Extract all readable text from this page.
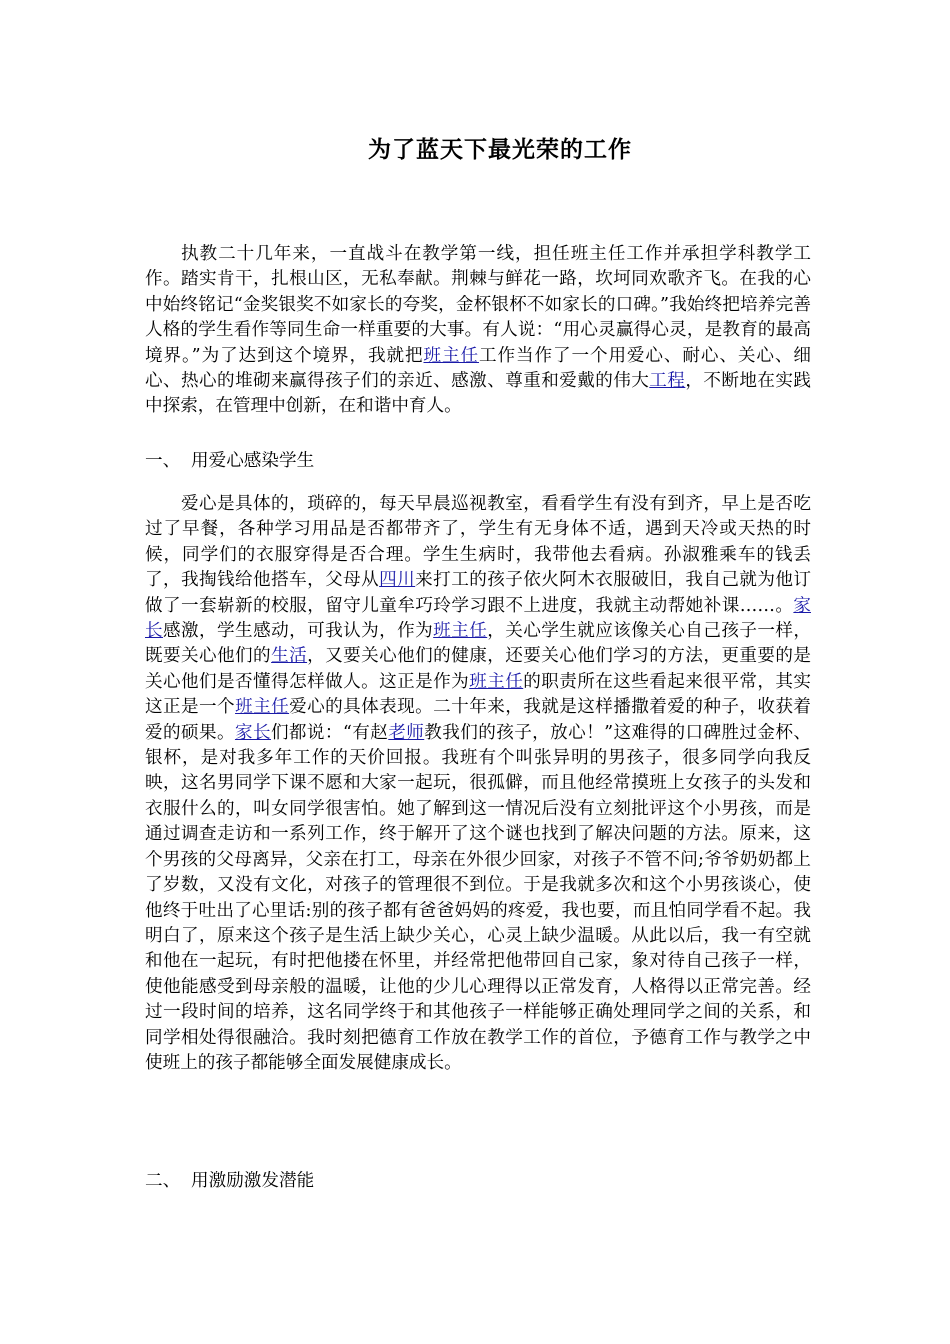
为了蓝天下最光荣的工作

执教二十几年来，一直战斗在教学第一线，担任班主任工作并承担学科教学工作。踏实肯干，扎根山区，无私奉献。荆棘与鲜花一路，坎坷同欢歌齐飞。在我的心中始终铭记“金奖银奖不如家长的夸奖，金杯银杯不如家长的口碑。”我始终把培养完善人格的学生看作等同生命一样重要的大事。有人说：“用心灵赢得心灵，是教育的最高境界。”为了达到这个境界，我就把班主任工作当作了一个用爱心、耐心、关心、细心、热心的堆砌来赢得孩子们的亲近、感激、尊重和爱戴的伟大工程，不断地在实践中探索，在管理中创新，在和谐中育人。

一、 用爱心感染学生

爱心是具体的，琐碎的，每天早晨巡视教室，看看学生有没有到齐，早上是否吃过了早餐，各种学习用品是否都带齐了，学生有无身体不适，遇到天冷或天热的时候，同学们的衣服穿得是否合理。学生生病时，我带他去看病。孙淑雅乘车的钱丢了，我掏钱给他搭车，父母从四川来打工的孩子依火阿木衣服破旧，我自己就为他订做了一套崭新的校服，留守儿童牟巧玲学习跟不上进度，我就主动帮她补课……。家长感激，学生感动，可我认为，作为班主任，关心学生就应该像关心自己孩子一样，既要关心他们的生活，又要关心他们的健康，还要关心他们学习的方法，更重要的是关心他们是否懂得怎样做人。这正是作为班主任的职责所在这些看起来很平常，其实这正是一个班主任爱心的具体表现。二十年来，我就是这样播撒着爱的种子，收获着爱的硕果。家长们都说：“有赵老师教我们的孩子，放心！”这难得的口碑胜过金杯、银杯，是对我多年工作的天价回报。我班有个叫张异明的男孩子，很多同学向我反映，这名男同学下课不愿和大家一起玩，很孤僻，而且他经常摸班上女孩子的头发和衣服什么的，叫女同学很害怕。她了解到这一情况后没有立刻批评这个小男孩，而是通过调查走访和一系列工作，终于解开了这个谜也找到了解决问题的方法。原来，这个男孩的父母离异，父亲在打工，母亲在外很少回家，对孩子不管不问;爷爷奶奶都上了岁数，又没有文化，对孩子的管理很不到位。于是我就多次和这个小男孩谈心，使他终于吐出了心里话:别的孩子都有爸爸妈妈的疼爱，我也要，而且怕同学看不起。我明白了，原来这个孩子是生活上缺少关心，心灵上缺少温暖。从此以后，我一有空就和他在一起玩，有时把他搂在怀里，并经常把他带回自己家，象对待自己孩子一样，使他能感受到母亲般的温暖，让他的少儿心理得以正常发育，人格得以正常完善。经过一段时间的培养，这名同学终于和其他孩子一样能够正确处理同学之间的关系，和同学相处得很融洽。我时刻把德育工作放在教学工作的首位，予德育工作与教学之中使班上的孩子都能够全面发展健康成长。

二、 用激励激发潜能
